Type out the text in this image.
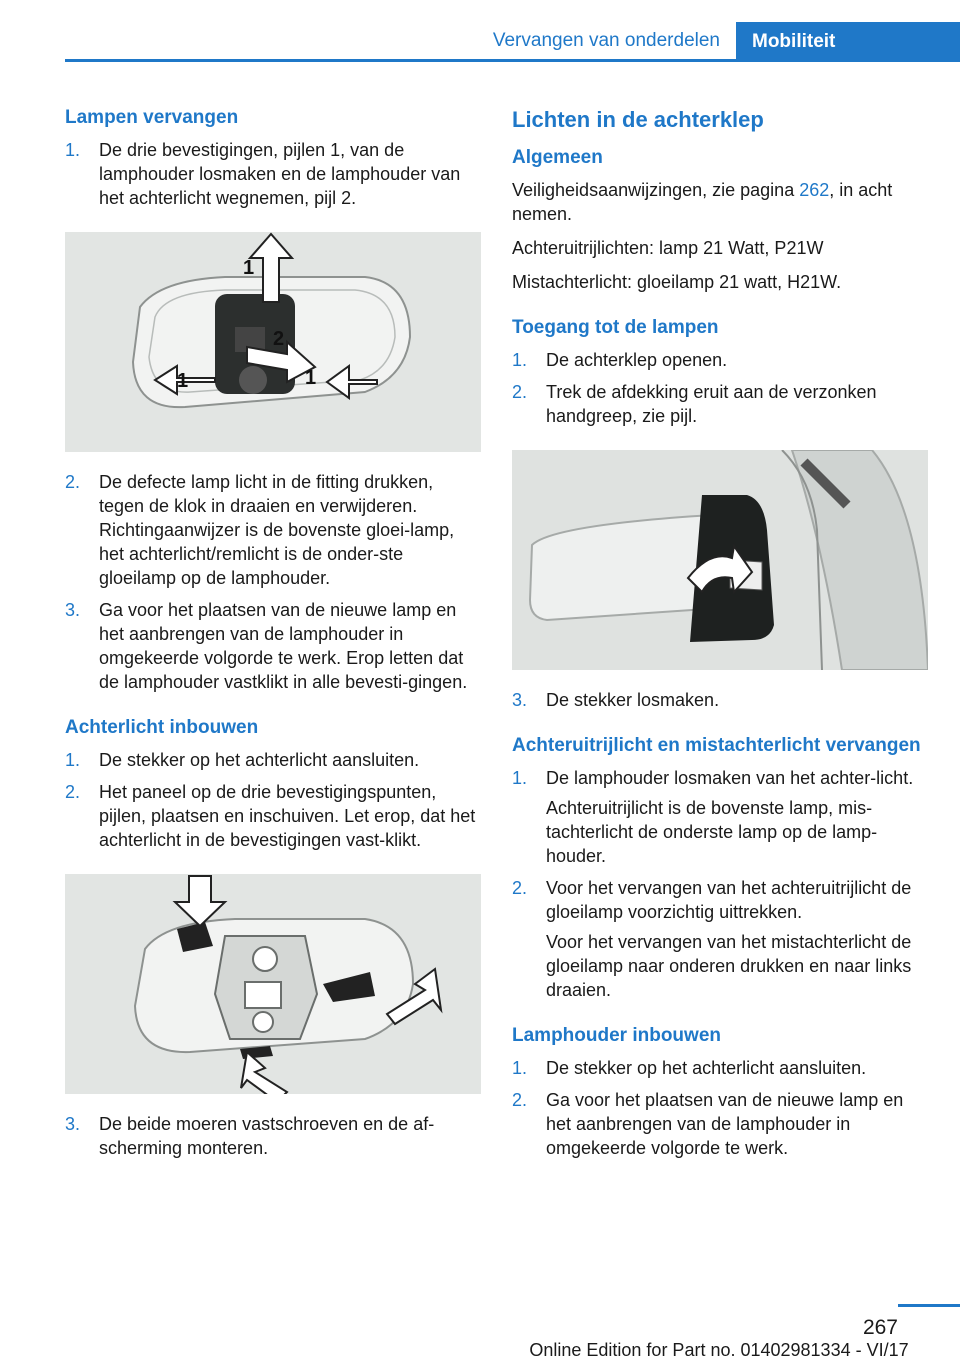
Vervangen van onderdelen	Mobiliteit
Lampen vervangen
1. De drie bevestigingen, pijlen 1, van de lamphouder losmaken en de lamphouder van het achterlicht wegnemen, pijl 2.
1
2
1	1
2. De defecte lamp licht in de fitting drukken, tegen de klok in draaien en verwijderen. Richtingaanwijzer is de bovenste gloei‐lamp, het achterlicht/remlicht is de onder‐ste gloeilamp op de lamphouder.
3. Ga voor het plaatsen van de nieuwe lamp en het aanbrengen van de lamphouder in omgekeerde volgorde te werk. Erop letten dat de lamphouder vastklikt in alle bevesti‐gingen.
Achterlicht inbouwen
1. De stekker op het achterlicht aansluiten.
2. Het paneel op de drie bevestigingspunten, pijlen, plaatsen en inschuiven. Let erop, dat het achterlicht in de bevestigingen vast‐klikt.
3. De beide moeren vastschroeven en de af‐scherming monteren.
Lichten in de achterklep
Algemeen

Veiligheidsaanwijzingen, zie pagina 262, in acht nemen.

Achteruitrijlichten: lamp 21 Watt, P21W

Mistachterlicht: gloeilamp 21 watt, H21W.

Toegang tot de lampen
1. De achterklep openen.
2. Trek de afdekking eruit aan de verzonken handgreep, zie pijl.
3. De stekker losmaken.
Achteruitrijlicht en mistachterlicht vervangen
1. De lamphouder losmaken van het achter‐licht.

Achteruitrijlicht is de bovenste lamp, mis‐tachterlicht de onderste lamp op de lamp‐houder.

2. Voor het vervangen van het achteruitrijlicht de gloeilamp voorzichtig uittrekken.

Voor het vervangen van het mistachterlicht de gloeilamp naar onderen drukken en naar links draaien.

Lamphouder inbouwen
1. De stekker op het achterlicht aansluiten.
2. Ga voor het plaatsen van de nieuwe lamp en het aanbrengen van de lamphouder in omgekeerde volgorde te werk.
267
Online Edition for Part no. 01402981334 - VI/17
